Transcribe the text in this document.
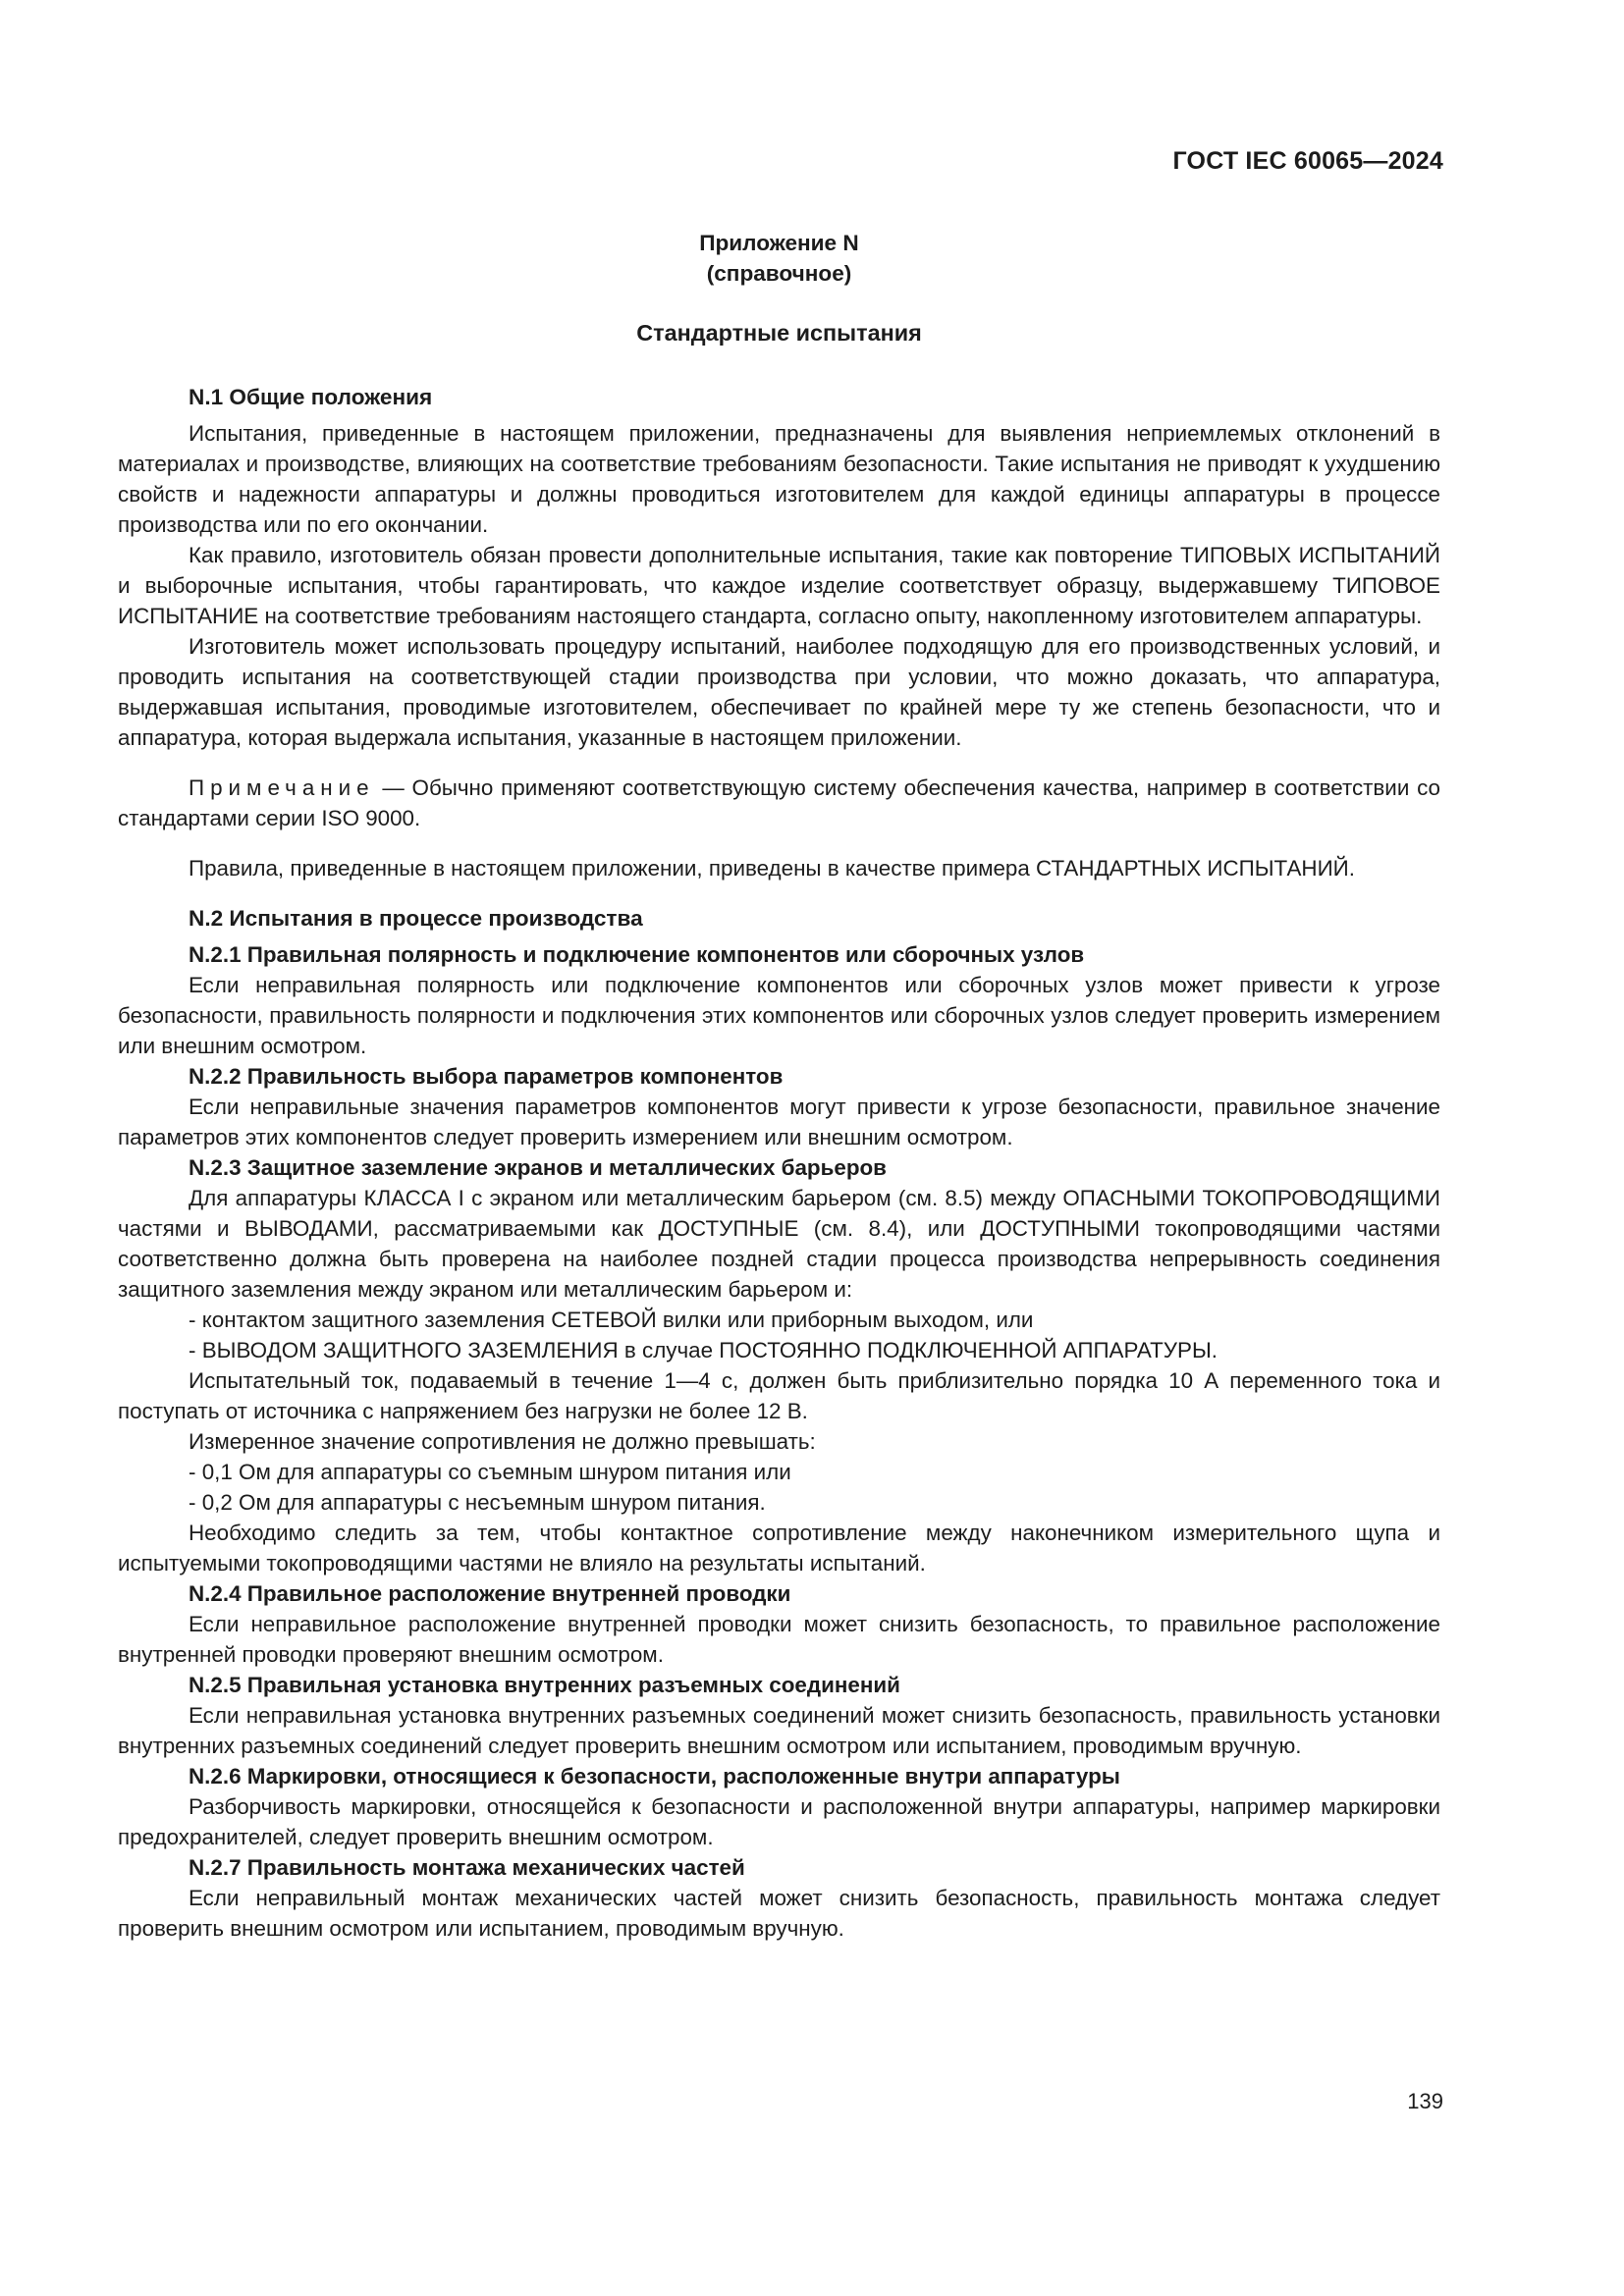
ГОСТ IEC 60065—2024
Приложение N
(справочное)
Стандартные испытания
N.1 Общие положения

Испытания, приведенные в настоящем приложении, предназначены для выявления неприемлемых отклонений в материалах и производстве, влияющих на соответствие требованиям безопасности. Такие испытания не приводят к ухудшению свойств и надежности аппаратуры и должны проводиться изготовителем для каждой единицы аппаратуры в процессе производства или по его окончании.

Как правило, изготовитель обязан провести дополнительные испытания, такие как повторение ТИПОВЫХ ИСПЫТАНИЙ и выборочные испытания, чтобы гарантировать, что каждое изделие соответствует образцу, выдержавшему ТИПОВОЕ ИСПЫТАНИЕ на соответствие требованиям настоящего стандарта, согласно опыту, накопленному изготовителем аппаратуры.

Изготовитель может использовать процедуру испытаний, наиболее подходящую для его производственных условий, и проводить испытания на соответствующей стадии производства при условии, что можно доказать, что аппаратура, выдержавшая испытания, проводимые изготовителем, обеспечивает по крайней мере ту же степень безопасности, что и аппаратура, которая выдержала испытания, указанные в настоящем приложении.

Примечание — Обычно применяют соответствующую систему обеспечения качества, например в соответствии со стандартами серии ISO 9000.

Правила, приведенные в настоящем приложении, приведены в качестве примера СТАНДАРТНЫХ ИСПЫТАНИЙ.

N.2 Испытания в процессе производства
N.2.1 Правильная полярность и подключение компонентов или сборочных узлов

Если неправильная полярность или подключение компонентов или сборочных узлов может привести к угрозе безопасности, правильность полярности и подключения этих компонентов или сборочных узлов следует проверить измерением или внешним осмотром.

N.2.2 Правильность выбора параметров компонентов

Если неправильные значения параметров компонентов могут привести к угрозе безопасности, правильное значение параметров этих компонентов следует проверить измерением или внешним осмотром.

N.2.3 Защитное заземление экранов и металлических барьеров

Для аппаратуры КЛАССА I с экраном или металлическим барьером (см. 8.5) между ОПАСНЫМИ ТОКОПРОВОДЯЩИМИ частями и ВЫВОДАМИ, рассматриваемыми как ДОСТУПНЫЕ (см. 8.4), или ДОСТУПНЫМИ токопроводящими частями соответственно должна быть проверена на наиболее поздней стадии процесса производства непрерывность соединения защитного заземления между экраном или металлическим барьером и:

- контактом защитного заземления СЕТЕВОЙ вилки или приборным выходом, или
- ВЫВОДОМ ЗАЩИТНОГО ЗАЗЕМЛЕНИЯ в случае ПОСТОЯННО ПОДКЛЮЧЕННОЙ АППАРАТУРЫ.

Испытательный ток, подаваемый в течение 1—4 с, должен быть приблизительно порядка 10 А переменного тока и поступать от источника с напряжением без нагрузки не более 12 В.

Измеренное значение сопротивления не должно превышать:

- 0,1 Ом для аппаратуры со съемным шнуром питания или
- 0,2 Ом для аппаратуры с несъемным шнуром питания.

Необходимо следить за тем, чтобы контактное сопротивление между наконечником измерительного щупа и испытуемыми токопроводящими частями не влияло на результаты испытаний.

N.2.4 Правильное расположение внутренней проводки

Если неправильное расположение внутренней проводки может снизить безопасность, то правильное расположение внутренней проводки проверяют внешним осмотром.

N.2.5 Правильная установка внутренних разъемных соединений

Если неправильная установка внутренних разъемных соединений может снизить безопасность, правильность установки внутренних разъемных соединений следует проверить внешним осмотром или испытанием, проводимым вручную.

N.2.6 Маркировки, относящиеся к безопасности, расположенные внутри аппаратуры

Разборчивость маркировки, относящейся к безопасности и расположенной внутри аппаратуры, например маркировки предохранителей, следует проверить внешним осмотром.

N.2.7 Правильность монтажа механических частей

Если неправильный монтаж механических частей может снизить безопасность, правильность монтажа следует проверить внешним осмотром или испытанием, проводимым вручную.

139
